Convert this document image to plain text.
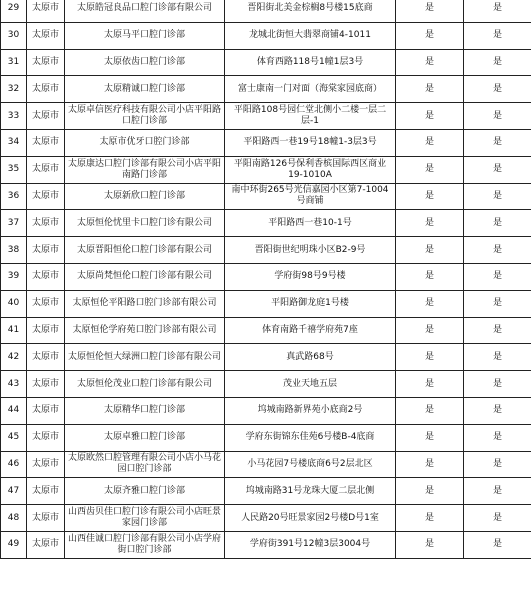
29	太原市	太原皓冠良品口腔门诊部有限公司	晋阳街北美金棕榈8号楼15底商	是	是
30	太原市	太原马平口腔门诊部	龙城北街恒大翡翠商铺4-1011	是	是
31	太原市	太原依齿口腔门诊部	体育西路118号1幢1层3号	是	是
32	太原市	太原精诚口腔门诊部	富士康南一门对面（海棠家园底商）	是	是
33	太原市	太原卓信医疗科技有限公司小店平阳路口腔门诊部	平阳路108号园仁堂北侧小二楼一层二层-1	是	是
34	太原市	太原市优牙口腔门诊部	平阳路西一巷19号18幢1-3层3号	是	是
35	太原市	太原康达口腔门诊部有限公司小店平阳南路门诊部	平阳南路126号保利香槟国际西区商业19-1010A	是	是
36	太原市	太原新欣口腔门诊部	南中环街265号光信嘉园小区第7-1004号商铺	是	是
37	太原市	太原恒伦忧里卡口腔门诊有限公司	平阳路西一巷10-1号	是	是
38	太原市	太原晋阳恒伦口腔门诊部有限公司	晋阳街世纪明珠小区B2-9号	是	是
39	太原市	太原尚梵恒伦口腔门诊部有限公司	学府街98号9号楼	是	是
40	太原市	太原恒伦平阳路口腔门诊部有限公司	平阳路御龙庭1号楼	是	是
41	太原市	太原恒伦学府苑口腔门诊部有限公司	体育南路千禧学府苑7座	是	是
42	太原市	太原恒伦恒大绿洲口腔门诊部有限公司	真武路68号	是	是
43	太原市	太原恒伦茂业口腔门诊部有限公司	茂业天地五层	是	是
44	太原市	太原精华口腔门诊部	坞城南路新界苑小底商2号	是	是
45	太原市	太原卓雅口腔门诊部	学府东街锦东佳苑6号楼B-4底商	是	是
46	太原市	太原欧然口腔管理有限公司小店小马花园口腔门诊部	小马花园7号楼底商6号2层北区	是	是
47	太原市	太原齐雅口腔门诊部	坞城南路31号龙珠大厦二层北侧	是	是
48	太原市	山西齿贝佳口腔门诊有限公司小店旺景家园门诊部	人民路20号旺景家园2号楼D号1室	是	是
49	太原市	山西佳诚口腔门诊部有限公司小店学府街口腔门诊部	学府街391号12幢3层3004号	是	是
